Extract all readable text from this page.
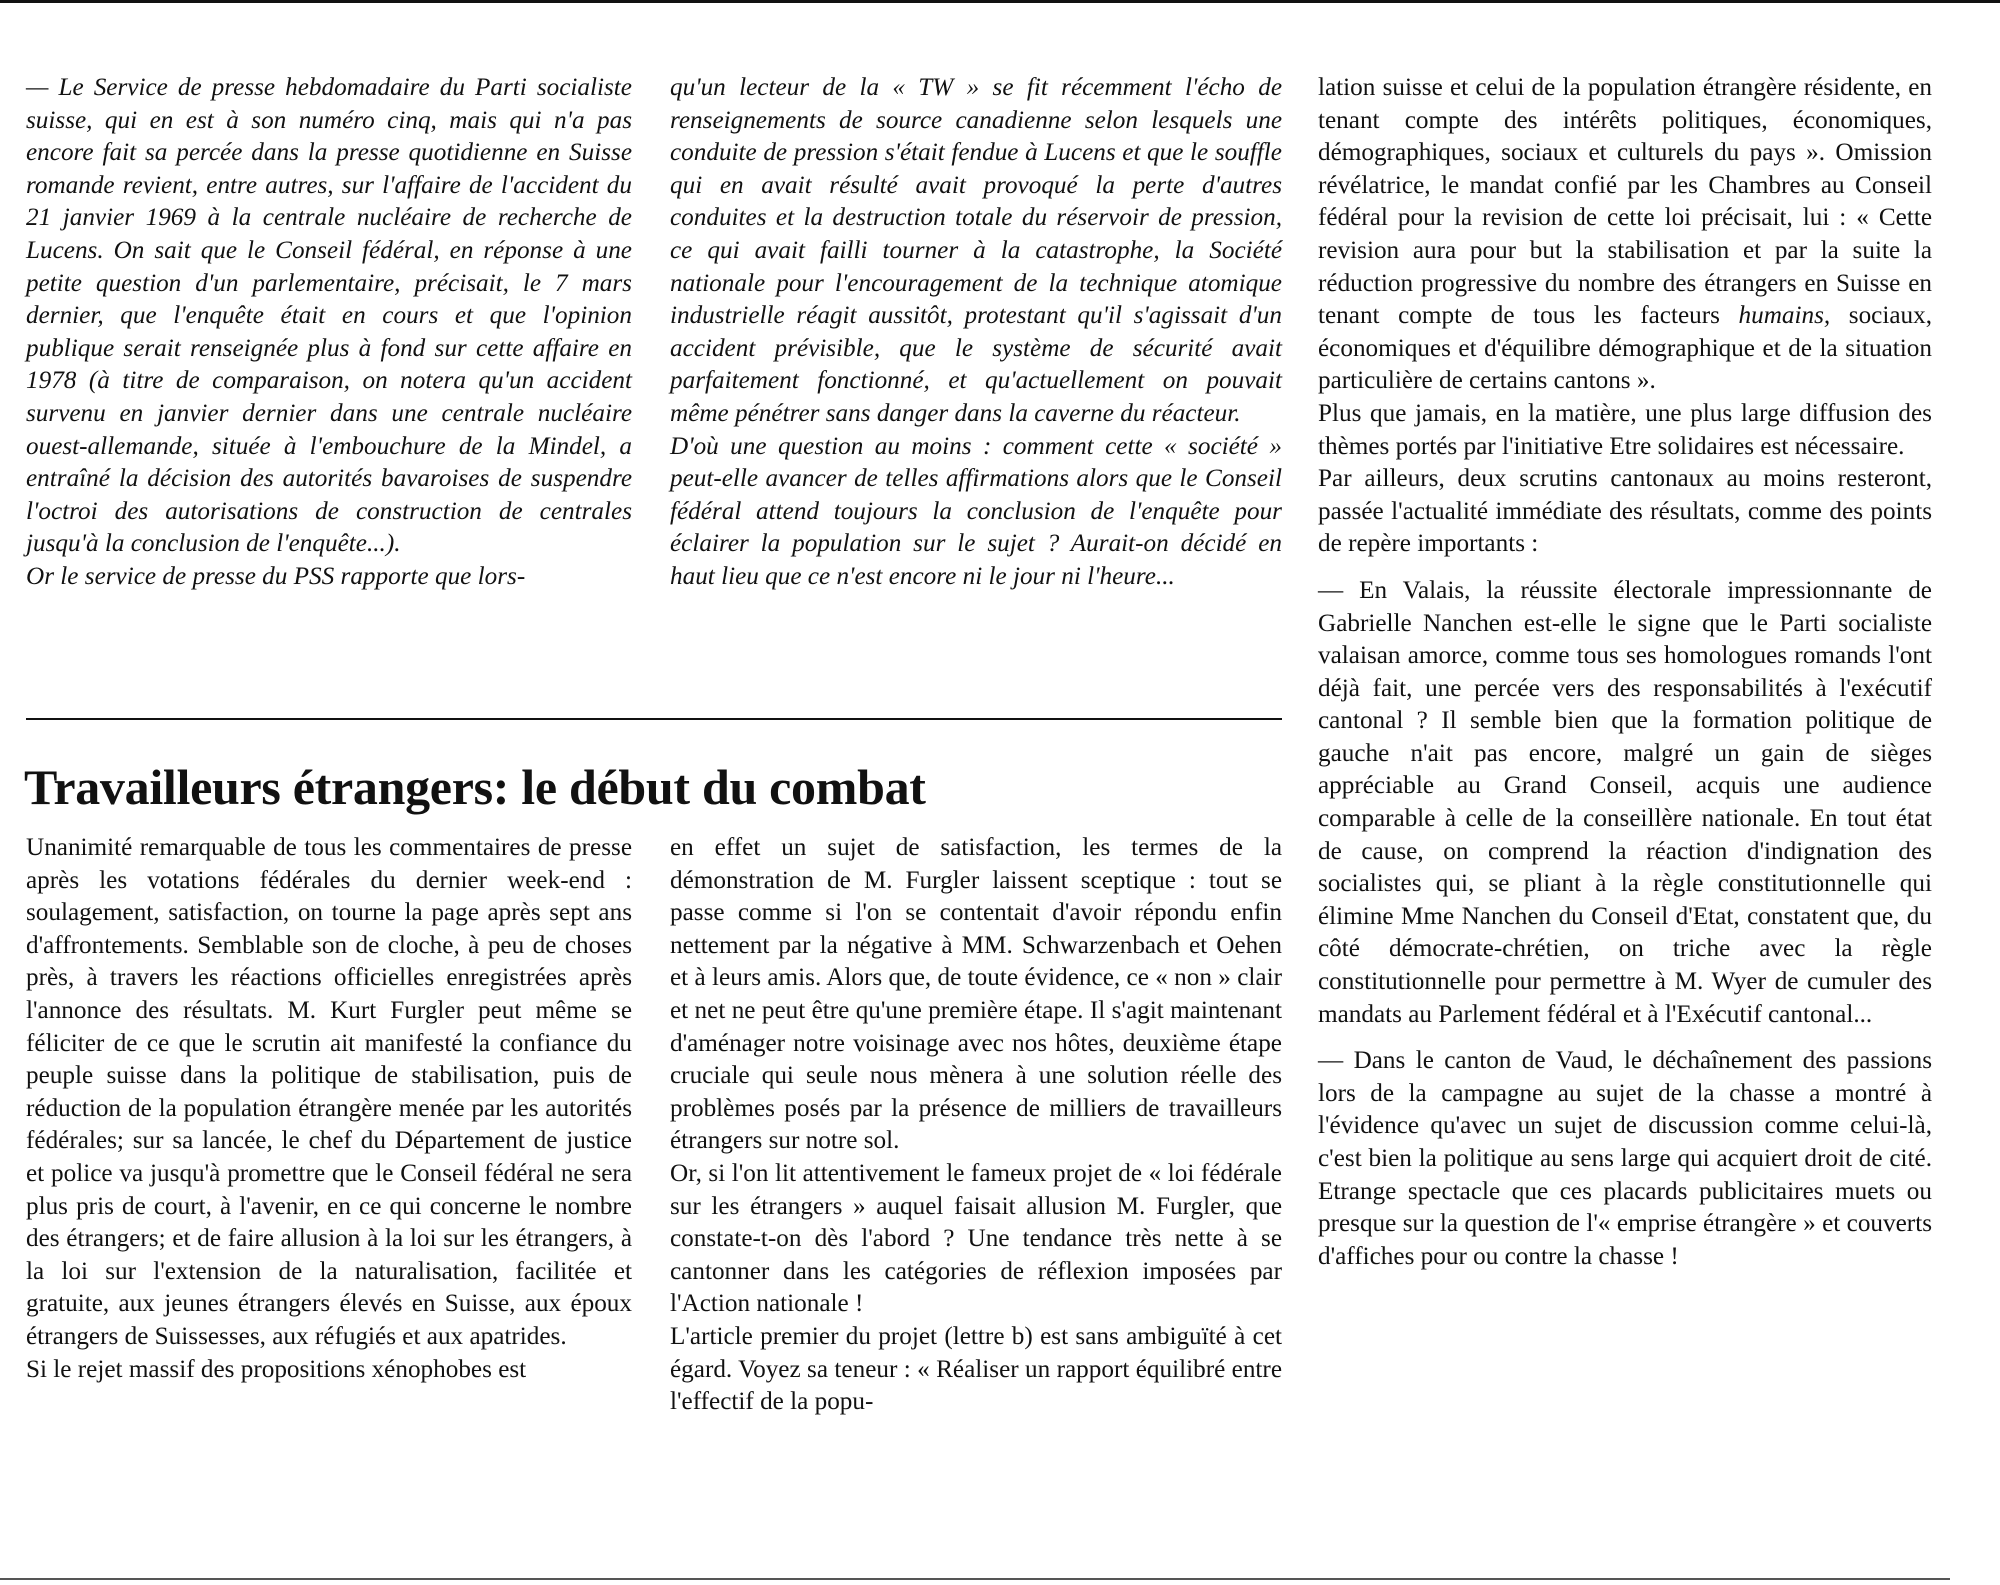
— Le Service de presse hebdomadaire du Parti socialiste suisse, qui en est à son numéro cinq, mais qui n'a pas encore fait sa percée dans la presse quotidienne en Suisse romande revient, entre autres, sur l'affaire de l'accident du 21 janvier 1969 à la centrale nucléaire de recherche de Lucens. On sait que le Conseil fédéral, en réponse à une petite question d'un parlementaire, précisait, le 7 mars dernier, que l'enquête était en cours et que l'opinion publique serait renseignée plus à fond sur cette affaire en 1978 (à titre de comparaison, on notera qu'un accident survenu en janvier dernier dans une centrale nucléaire ouest-allemande, située à l'embouchure de la Mindel, a entraîné la décision des autorités bavaroises de suspendre l'octroi des autorisations de construction de centrales jusqu'à la conclusion de l'enquête...).

Or le service de presse du PSS rapporte que lors-

qu'un lecteur de la « TW » se fit récemment l'écho de renseignements de source canadienne selon lesquels une conduite de pression s'était fendue à Lucens et que le souffle qui en avait résulté avait provoqué la perte d'autres conduites et la destruction totale du réservoir de pression, ce qui avait failli tourner à la catastrophe, la Société nationale pour l'encouragement de la technique atomique industrielle réagit aussitôt, protestant qu'il s'agissait d'un accident prévisible, que le système de sécurité avait parfaitement fonctionné, et qu'actuellement on pouvait même pénétrer sans danger dans la caverne du réacteur.

D'où une question au moins : comment cette « société » peut-elle avancer de telles affirmations alors que le Conseil fédéral attend toujours la conclusion de l'enquête pour éclairer la population sur le sujet ? Aurait-on décidé en haut lieu que ce n'est encore ni le jour ni l'heure...

lation suisse et celui de la population étrangère résidente, en tenant compte des intérêts politiques, économiques, démographiques, sociaux et culturels du pays ». Omission révélatrice, le mandat confié par les Chambres au Conseil fédéral pour la revision de cette loi précisait, lui : « Cette revision aura pour but la stabilisation et par la suite la réduction progressive du nombre des étrangers en Suisse en tenant compte de tous les facteurs humains, sociaux, économiques et d'équilibre démographique et de la situation particulière de certains cantons ».

Plus que jamais, en la matière, une plus large diffusion des thèmes portés par l'initiative Etre solidaires est nécessaire.

Par ailleurs, deux scrutins cantonaux au moins resteront, passée l'actualité immédiate des résultats, comme des points de repère importants :

— En Valais, la réussite électorale impressionnante de Gabrielle Nanchen est-elle le signe que le Parti socialiste valaisan amorce, comme tous ses homologues romands l'ont déjà fait, une percée vers des responsabilités à l'exécutif cantonal ? Il semble bien que la formation politique de gauche n'ait pas encore, malgré un gain de sièges appréciable au Grand Conseil, acquis une audience comparable à celle de la conseillère nationale. En tout état de cause, on comprend la réaction d'indignation des socialistes qui, se pliant à la règle constitutionnelle qui élimine Mme Nanchen du Conseil d'Etat, constatent que, du côté démocrate-chrétien, on triche avec la règle constitutionnelle pour permettre à M. Wyer de cumuler des mandats au Parlement fédéral et à l'Exécutif cantonal...

— Dans le canton de Vaud, le déchaînement des passions lors de la campagne au sujet de la chasse a montré à l'évidence qu'avec un sujet de discussion comme celui-là, c'est bien la politique au sens large qui acquiert droit de cité. Etrange spectacle que ces placards publicitaires muets ou presque sur la question de l'« emprise étrangère » et couverts d'affiches pour ou contre la chasse !

Travailleurs étrangers: le début du combat

Unanimité remarquable de tous les commentaires de presse après les votations fédérales du dernier week-end : soulagement, satisfaction, on tourne la page après sept ans d'affrontements. Semblable son de cloche, à peu de choses près, à travers les réactions officielles enregistrées après l'annonce des résultats. M. Kurt Furgler peut même se féliciter de ce que le scrutin ait manifesté la confiance du peuple suisse dans la politique de stabilisation, puis de réduction de la population étrangère menée par les autorités fédérales; sur sa lancée, le chef du Département de justice et police va jusqu'à promettre que le Conseil fédéral ne sera plus pris de court, à l'avenir, en ce qui concerne le nombre des étrangers; et de faire allusion à la loi sur les étrangers, à la loi sur l'extension de la naturalisation, facilitée et gratuite, aux jeunes étrangers élevés en Suisse, aux époux étrangers de Suissesses, aux réfugiés et aux apatrides.

Si le rejet massif des propositions xénophobes est

en effet un sujet de satisfaction, les termes de la démonstration de M. Furgler laissent sceptique : tout se passe comme si l'on se contentait d'avoir répondu enfin nettement par la négative à MM. Schwarzenbach et Oehen et à leurs amis. Alors que, de toute évidence, ce « non » clair et net ne peut être qu'une première étape. Il s'agit maintenant d'aménager notre voisinage avec nos hôtes, deuxième étape cruciale qui seule nous mènera à une solution réelle des problèmes posés par la présence de milliers de travailleurs étrangers sur notre sol.

Or, si l'on lit attentivement le fameux projet de « loi fédérale sur les étrangers » auquel faisait allusion M. Furgler, que constate-t-on dès l'abord ? Une tendance très nette à se cantonner dans les catégories de réflexion imposées par l'Action nationale !

L'article premier du projet (lettre b) est sans ambiguïté à cet égard. Voyez sa teneur : « Réaliser un rapport équilibré entre l'effectif de la popu-
